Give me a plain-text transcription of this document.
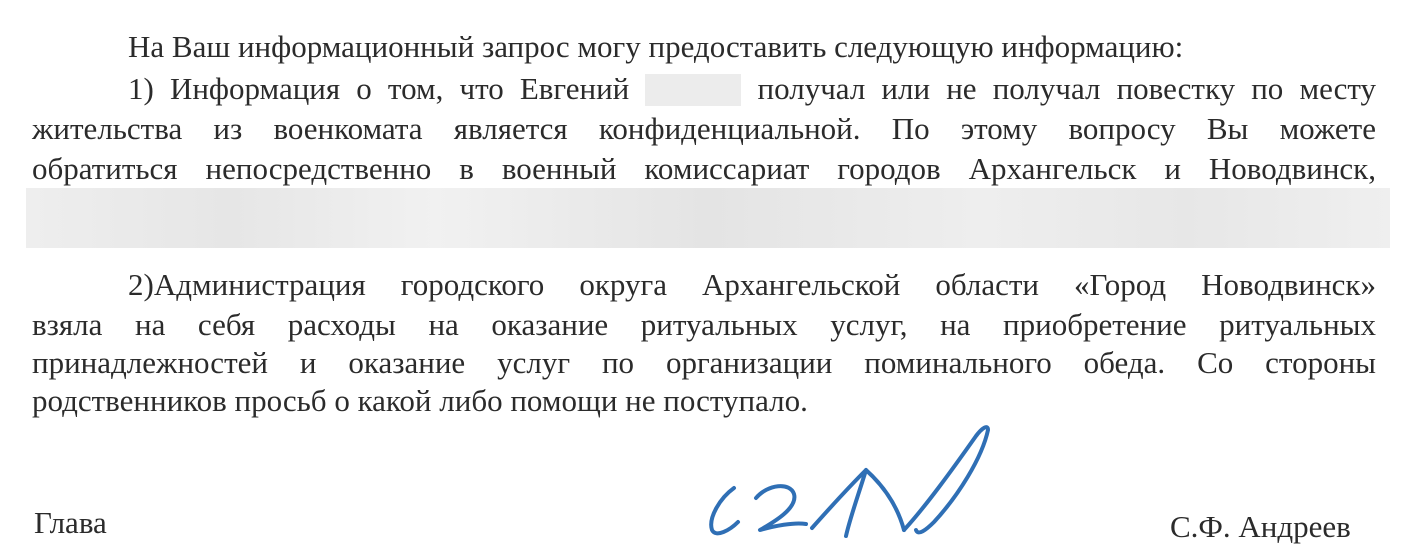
На Ваш информационный запрос могу предоставить следующую информацию:
1) Информация о том, что Евгений	получал или не получал повестку по месту
жительства из военкомата является конфиденциальной. По этому вопросу Вы можете
обратиться непосредственно в военный комиссариат городов Архангельск и Новодвинск,
2)Администрация городского округа Архангельской области «Город Новодвинск»
взяла на себя расходы на оказание ритуальных услуг, на приобретение ритуальных
принадлежностей и оказание услуг по организации поминального обеда. Со стороны
родственников просьб о какой либо помощи не поступало.
Глава	С.Ф. Андреев
